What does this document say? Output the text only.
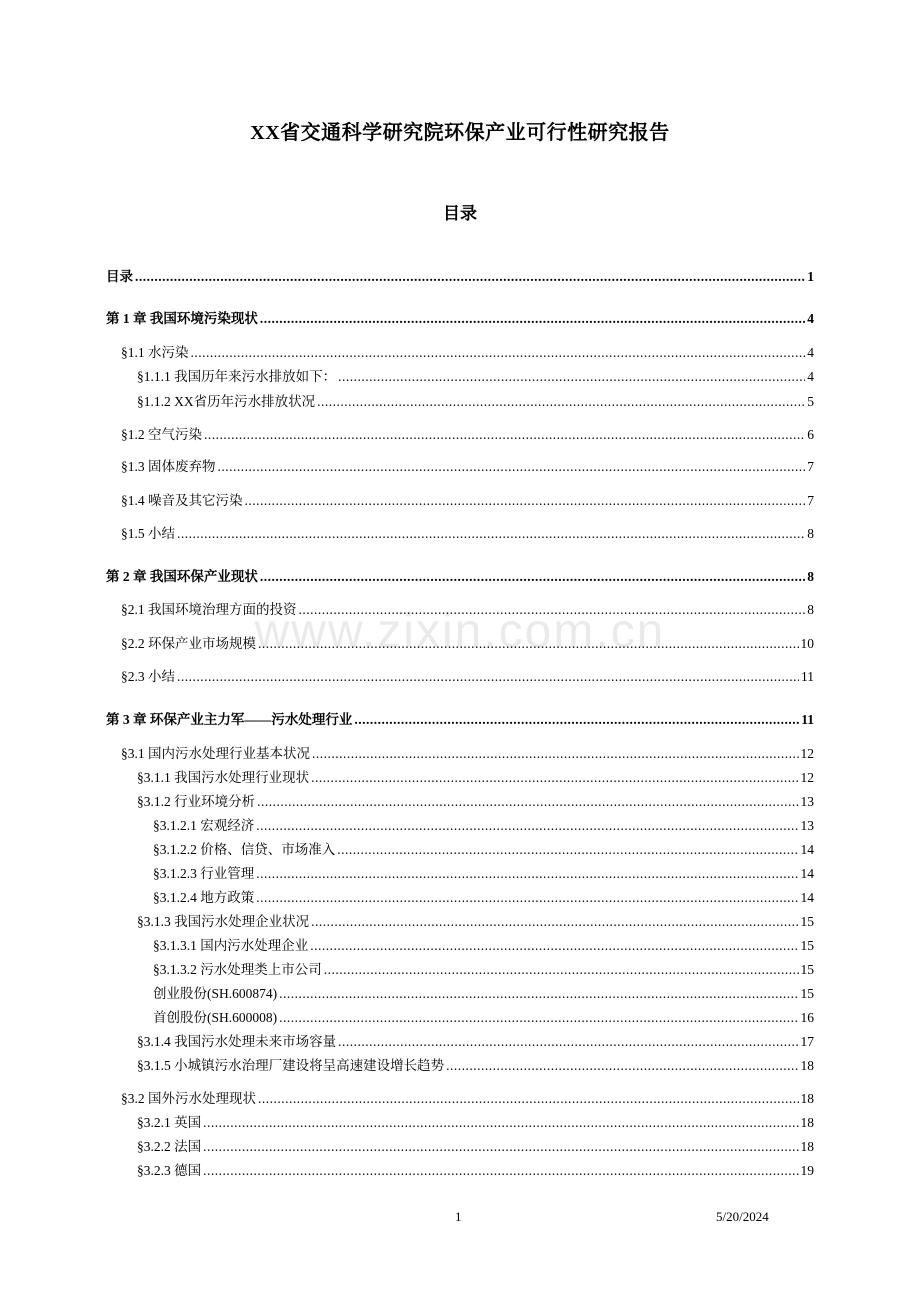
XX省交通科学研究院环保产业可行性研究报告
目录
www.zixin.com.cn
目录 .....	1
第 1 章 我国环境污染现状 .....	4
§1.1 水污染 .....	4
§1.1.1 我国历年来污水排放如下： .....	4
§1.1.2 XX省历年污水排放状况 .....	5
§1.2 空气污染 .....	6
§1.3 固体废弃物 .....	7
§1.4 噪音及其它污染 .....	7
§1.5 小结 .....	8
第 2 章 我国环保产业现状 .....	8
§2.1 我国环境治理方面的投资 .....	8
§2.2 环保产业市场规模 .....	10
§2.3 小结 .....	11
第 3 章 环保产业主力军——污水处理行业 .....	11
§3.1 国内污水处理行业基本状况 .....	12
§3.1.1 我国污水处理行业现状 .....	12
§3.1.2 行业环境分析 .....	13
§3.1.2.1 宏观经济 .....	13
§3.1.2.2 价格、信贷、市场准入 .....	14
§3.1.2.3 行业管理 .....	14
§3.1.2.4 地方政策 .....	14
§3.1.3 我国污水处理企业状况 .....	15
§3.1.3.1 国内污水处理企业 .....	15
§3.1.3.2 污水处理类上市公司 .....	15
创业股份(SH.600874) .....	15
首创股份(SH.600008) .....	16
§3.1.4 我国污水处理未来市场容量 .....	17
§3.1.5 小城镇污水治理厂建设将呈高速建设增长趋势 .....	18
§3.2 国外污水处理现状 .....	18
§3.2.1 英国 .....	18
§3.2.2 法国 .....	18
§3.2.3 德国 .....	19
1	5/20/2024
